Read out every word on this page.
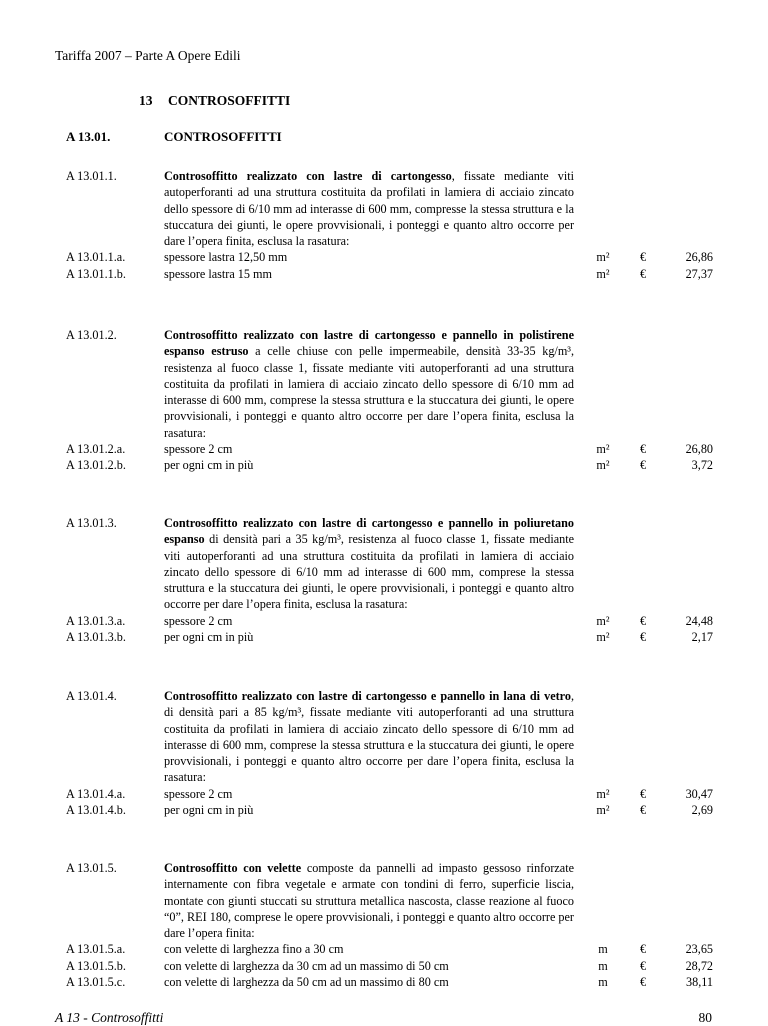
Tariffa 2007 – Parte A Opere Edili
13 CONTROSOFFITTI
A 13.01.	CONTROSOFFITTI
A 13.01.1.	Controsoffitto realizzato con lastre di cartongesso, fissate mediante viti autoperforanti ad una struttura costituita da profilati in lamiera di acciaio zincato dello spessore di 6/10 mm ad interasse di 600 mm, compresse la stessa struttura e la stuccatura dei giunti, le opere provvisionali, i ponteggi e quanto altro occorre per dare l’opera finita, esclusa la rasatura:
A 13.01.1.a.	spessore lastra 12,50 mm	m²	€	26,86
A 13.01.1.b.	spessore lastra 15 mm	m²	€	27,37
A 13.01.2.	Controsoffitto realizzato con lastre di cartongesso e pannello in polistirene espanso estruso a celle chiuse con pelle impermeabile, densità 33-35 kg/m³, resistenza al fuoco classe 1, fissate mediante viti autoperforanti ad una struttura costituita da profilati in lamiera di acciaio zincato dello spessore di 6/10 mm ad interasse di 600 mm, comprese la stessa struttura e la stuccatura dei giunti, le opere provvisionali, i ponteggi e quanto altro occorre per dare l’opera finita, esclusa la rasatura:
A 13.01.2.a.	spessore 2 cm	m²	€	26,80
A 13.01.2.b.	per ogni cm in più	m²	€	3,72
A 13.01.3.	Controsoffitto realizzato con lastre di cartongesso e pannello in poliuretano espanso di densità pari a 35 kg/m³, resistenza al fuoco classe 1, fissate mediante viti autoperforanti ad una struttura costituita da profilati in lamiera di acciaio zincato dello spessore di 6/10 mm ad interasse di 600 mm, comprese la stessa struttura e la stuccatura dei giunti, le opere provvisionali, i ponteggi e quanto altro occorre per dare l’opera finita, esclusa la rasatura:
A 13.01.3.a.	spessore 2 cm	m²	€	24,48
A 13.01.3.b.	per ogni cm in più	m²	€	2,17
A 13.01.4.	Controsoffitto realizzato con lastre di cartongesso e pannello in lana di vetro, di densità pari a 85 kg/m³, fissate mediante viti autoperforanti ad una struttura costituita da profilati in lamiera di acciaio zincato dello spessore di 6/10 mm ad interasse di 600 mm, comprese la stessa struttura e la stuccatura dei giunti, le opere provvisionali, i ponteggi e quanto altro occorre per dare l’opera finita, esclusa la rasatura:
A 13.01.4.a.	spessore 2 cm	m²	€	30,47
A 13.01.4.b.	per ogni cm in più	m²	€	2,69
A 13.01.5.	Controsoffitto con velette composte da pannelli ad impasto gessoso rinforzate internamente con fibra vegetale e armate con tondini di ferro, superficie liscia, montate con giunti stuccati su struttura metallica nascosta, classe reazione al fuoco “0”, REI 180, comprese le opere provvisionali, i ponteggi e quanto altro occorre per dare l’opera finita:
A 13.01.5.a.	con velette di larghezza fino a 30 cm	m	€	23,65
A 13.01.5.b.	con velette di larghezza da 30 cm ad un massimo di 50 cm	m	€	28,72
A 13.01.5.c.	con velette di larghezza da 50 cm ad un massimo di 80 cm	m	€	38,11
A 13 - Controsoffitti	80
